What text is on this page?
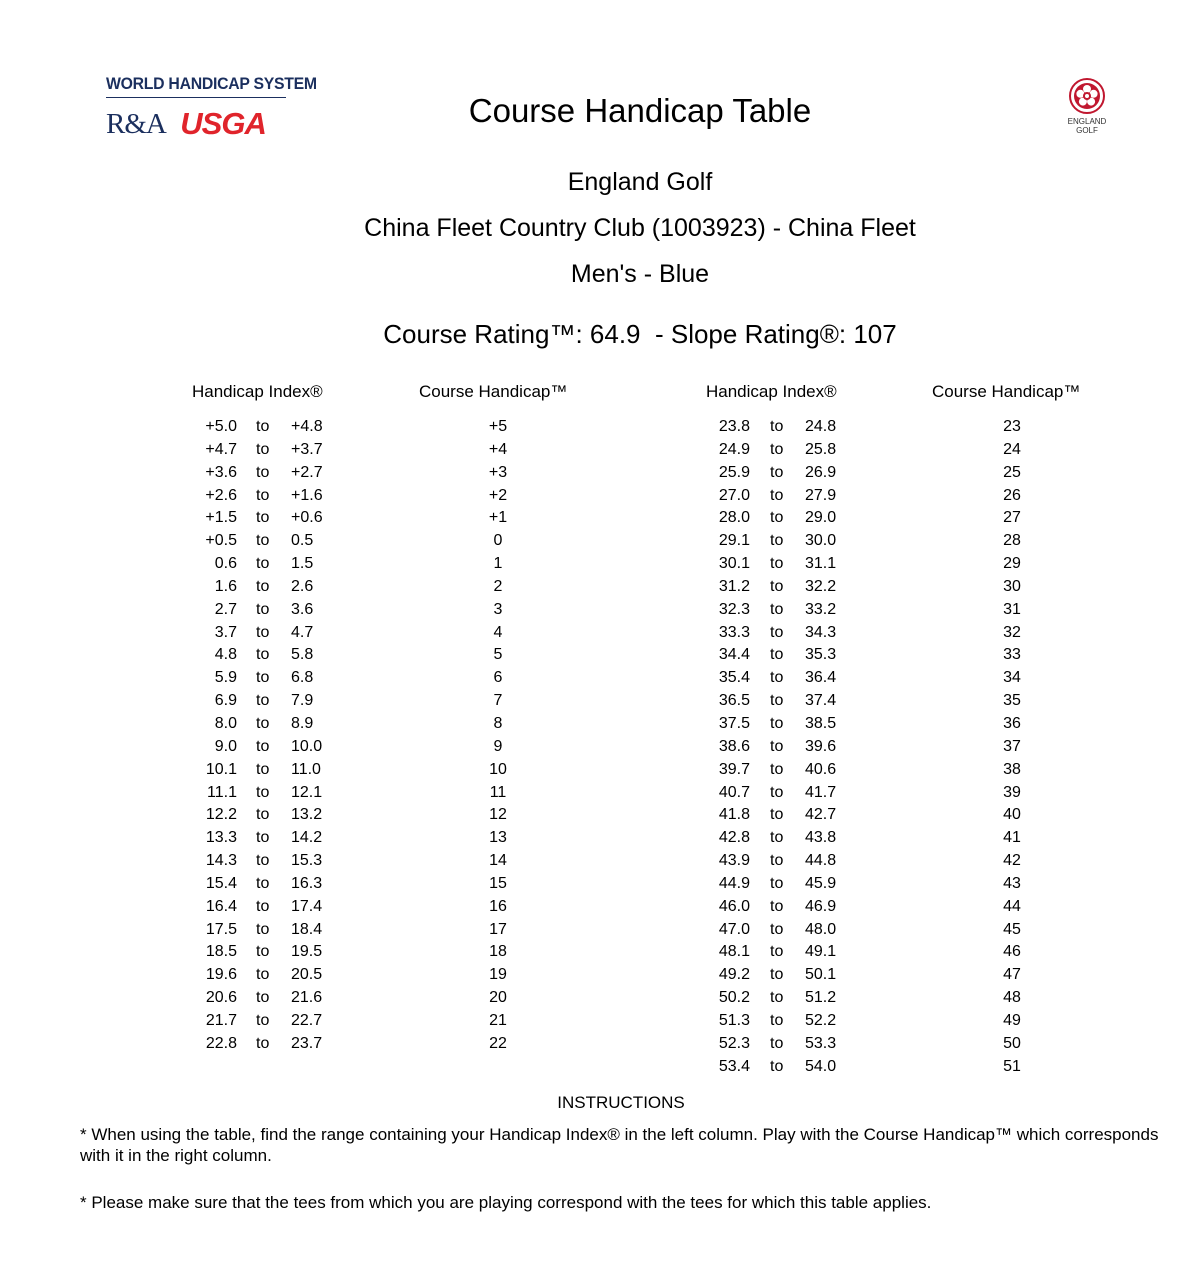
WORLD HANDICAP SYSTEM
R&A USGA	ENGLAND
GOLF
Course Handicap Table
England Golf
China Fleet Country Club (1003923) - China Fleet
Men's - Blue
Course Rating™: 64.9 - Slope Rating®: 107
Handicap Index®	Course Handicap™	Handicap Index®	Course Handicap™
+5.0 to +4.8	+5
+4.7 to +3.7	+4
+3.6 to +2.7	+3
+2.6 to +1.6	+2
+1.5 to +0.6	+1
+0.5 to 0.5	0
0.6 to 1.5	1
1.6 to 2.6	2
2.7 to 3.6	3
3.7 to 4.7	4
4.8 to 5.8	5
5.9 to 6.8	6
6.9 to 7.9	7
8.0 to 8.9	8
9.0 to 10.0	9
10.1 to 11.0	10
11.1 to 12.1	11
12.2 to 13.2	12
13.3 to 14.2	13
14.3 to 15.3	14
15.4 to 16.3	15
16.4 to 17.4	16
17.5 to 18.4	17
18.5 to 19.5	18
19.6 to 20.5	19
20.6 to 21.6	20
21.7 to 22.7	21
22.8 to 23.7	22
23.8 to 24.8	23
24.9 to 25.8	24
25.9 to 26.9	25
27.0 to 27.9	26
28.0 to 29.0	27
29.1 to 30.0	28
30.1 to 31.1	29
31.2 to 32.2	30
32.3 to 33.2	31
33.3 to 34.3	32
34.4 to 35.3	33
35.4 to 36.4	34
36.5 to 37.4	35
37.5 to 38.5	36
38.6 to 39.6	37
39.7 to 40.6	38
40.7 to 41.7	39
41.8 to 42.7	40
42.8 to 43.8	41
43.9 to 44.8	42
44.9 to 45.9	43
46.0 to 46.9	44
47.0 to 48.0	45
48.1 to 49.1	46
49.2 to 50.1	47
50.2 to 51.2	48
51.3 to 52.2	49
52.3 to 53.3	50
53.4 to 54.0	51
INSTRUCTIONS
* When using the table, find the range containing your Handicap Index® in the left column. Play with the Course Handicap™ which corresponds with it in the right column.
* Please make sure that the tees from which you are playing correspond with the tees for which this table applies.
